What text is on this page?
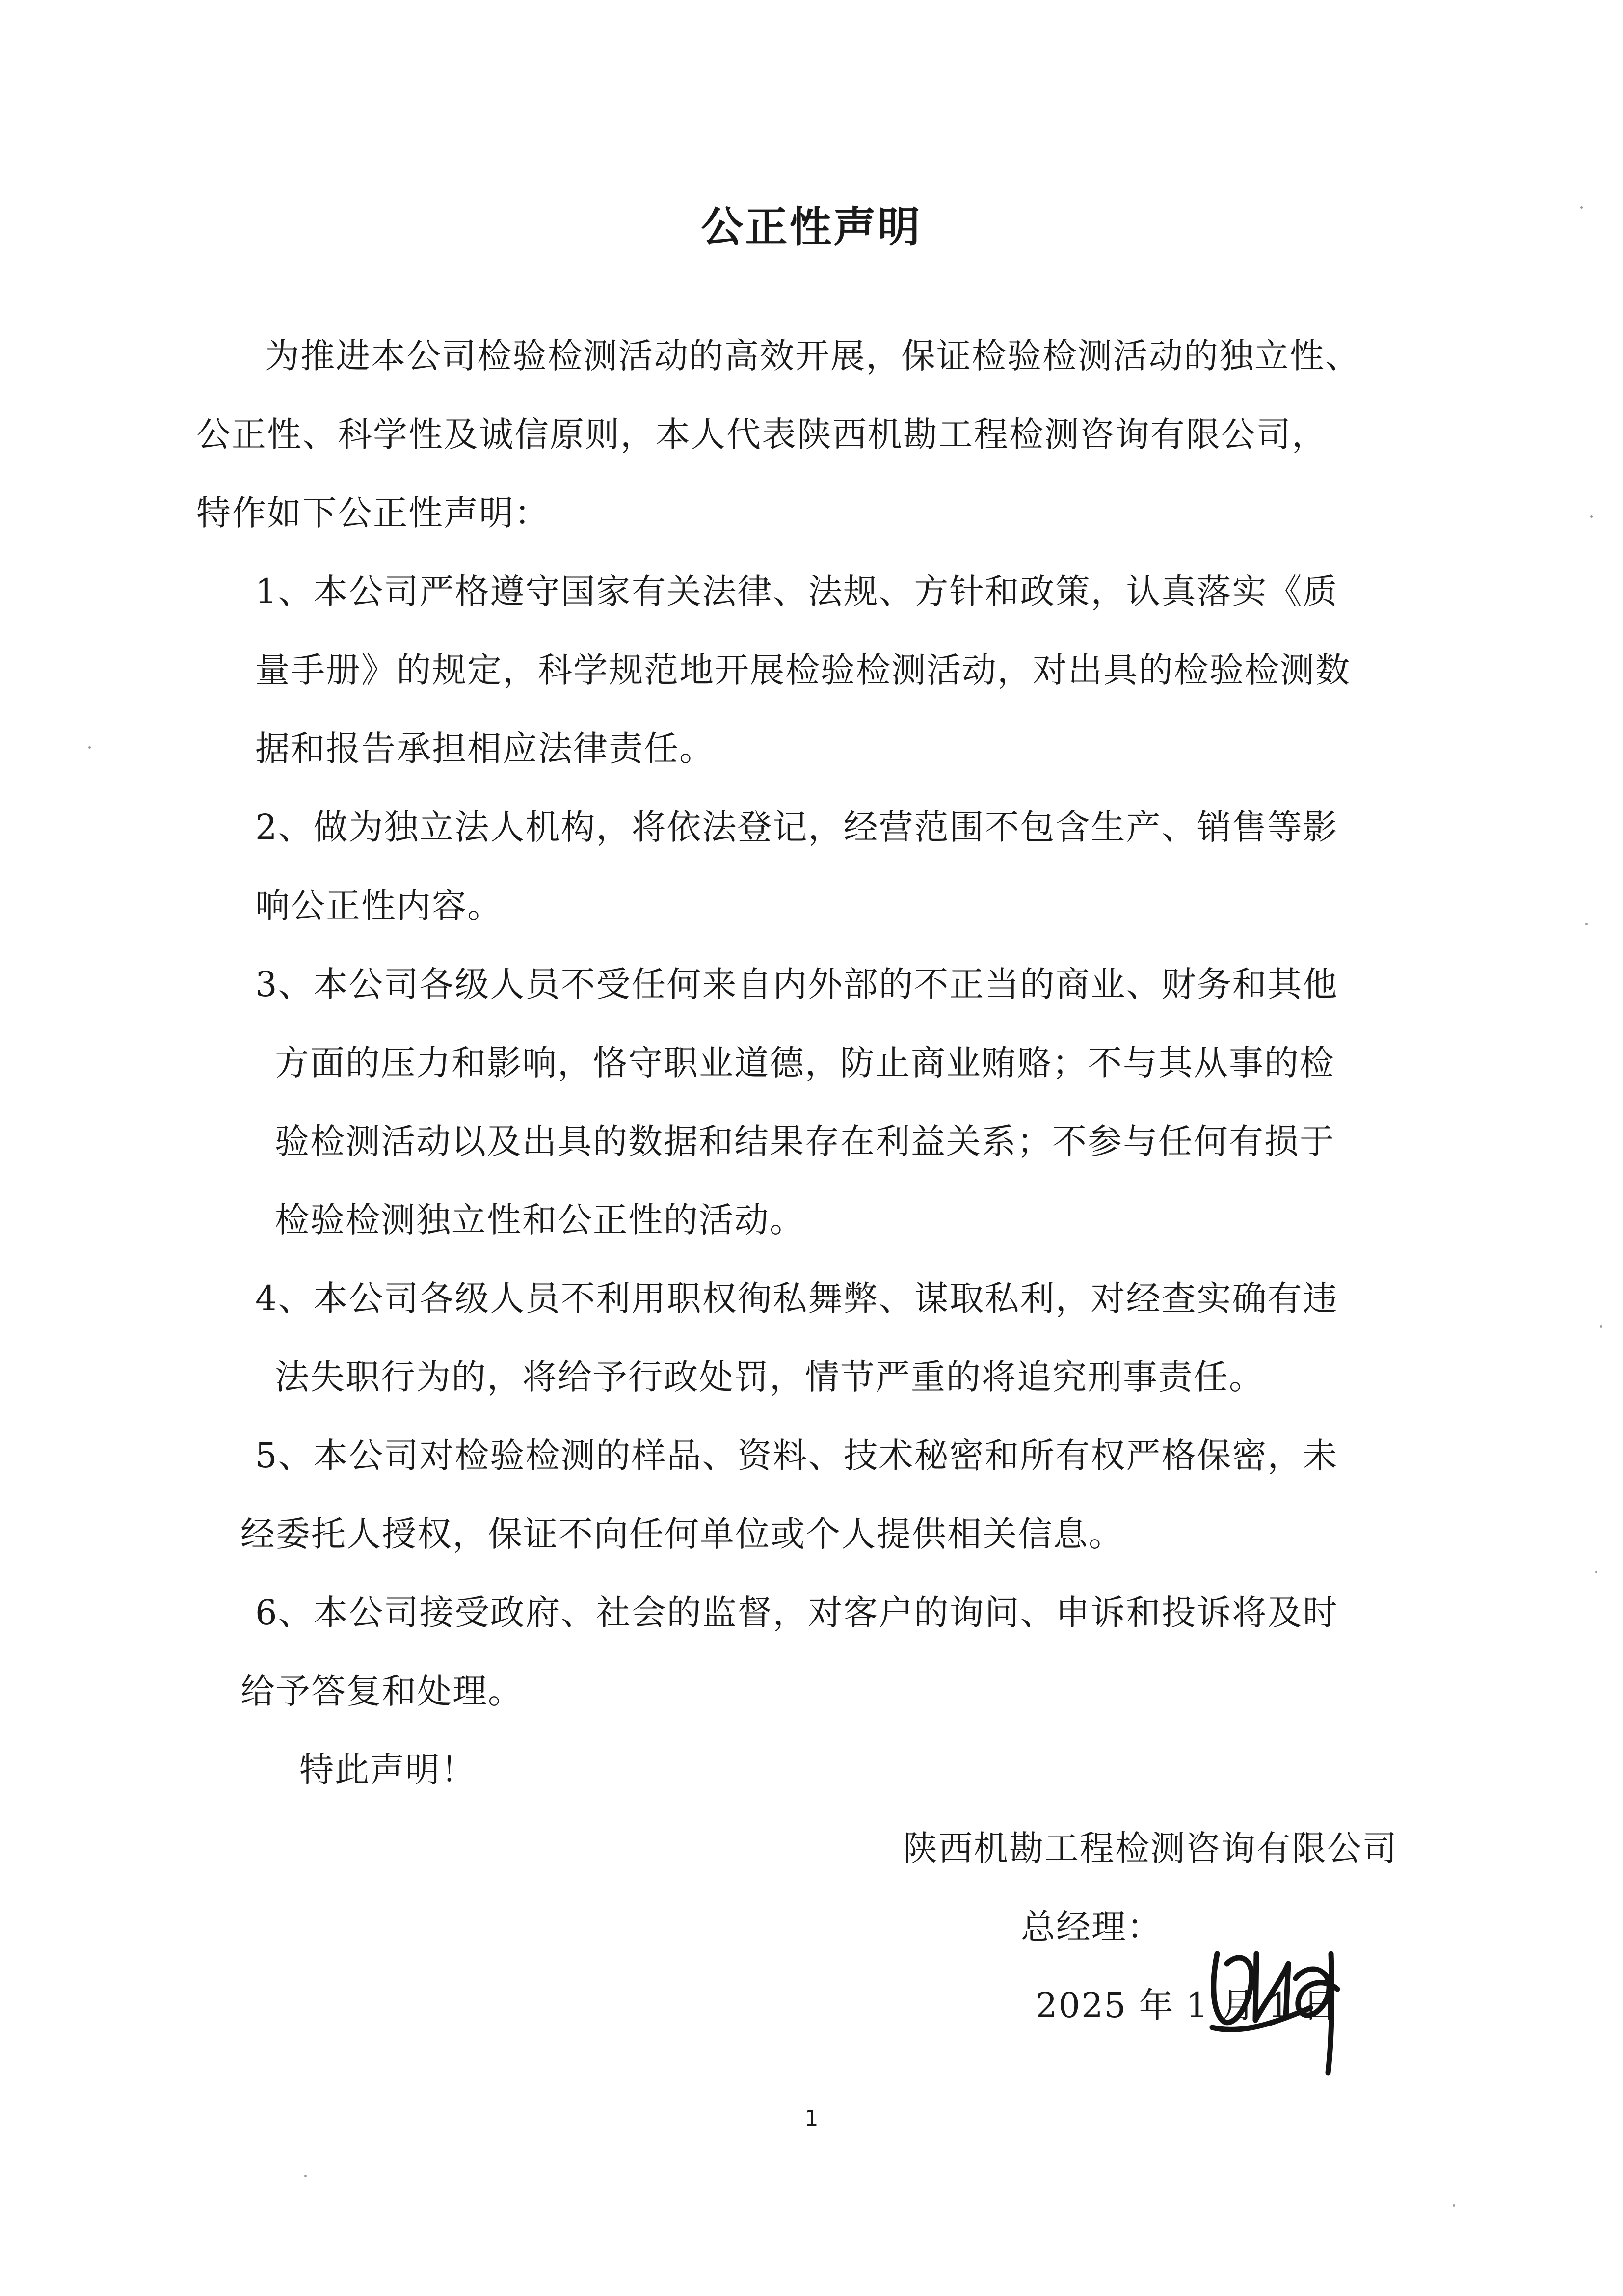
公正性声明
为推进本公司检验检测活动的高效开展，保证检验检测活动的独立性、
公正性、科学性及诚信原则，本人代表陕西机勘工程检测咨询有限公司，
特作如下公正性声明：
1、本公司严格遵守国家有关法律、法规、方针和政策，认真落实《质
量手册》的规定，科学规范地开展检验检测活动，对出具的检验检测数
据和报告承担相应法律责任。
2、做为独立法人机构，将依法登记，经营范围不包含生产、销售等影
响公正性内容。
3、本公司各级人员不受任何来自内外部的不正当的商业、财务和其他
方面的压力和影响，恪守职业道德，防止商业贿赂；不与其从事的检
验检测活动以及出具的数据和结果存在利益关系；不参与任何有损于
检验检测独立性和公正性的活动。
4、本公司各级人员不利用职权徇私舞弊、谋取私利，对经查实确有违
法失职行为的，将给予行政处罚，情节严重的将追究刑事责任。
5、本公司对检验检测的样品、资料、技术秘密和所有权严格保密，未
经委托人授权，保证不向任何单位或个人提供相关信息。
6、本公司接受政府、社会的监督，对客户的询问、申诉和投诉将及时
给予答复和处理。
特此声明！
陕西机勘工程检测咨询有限公司
总经理：
2025 年 1 月 1 日
1
